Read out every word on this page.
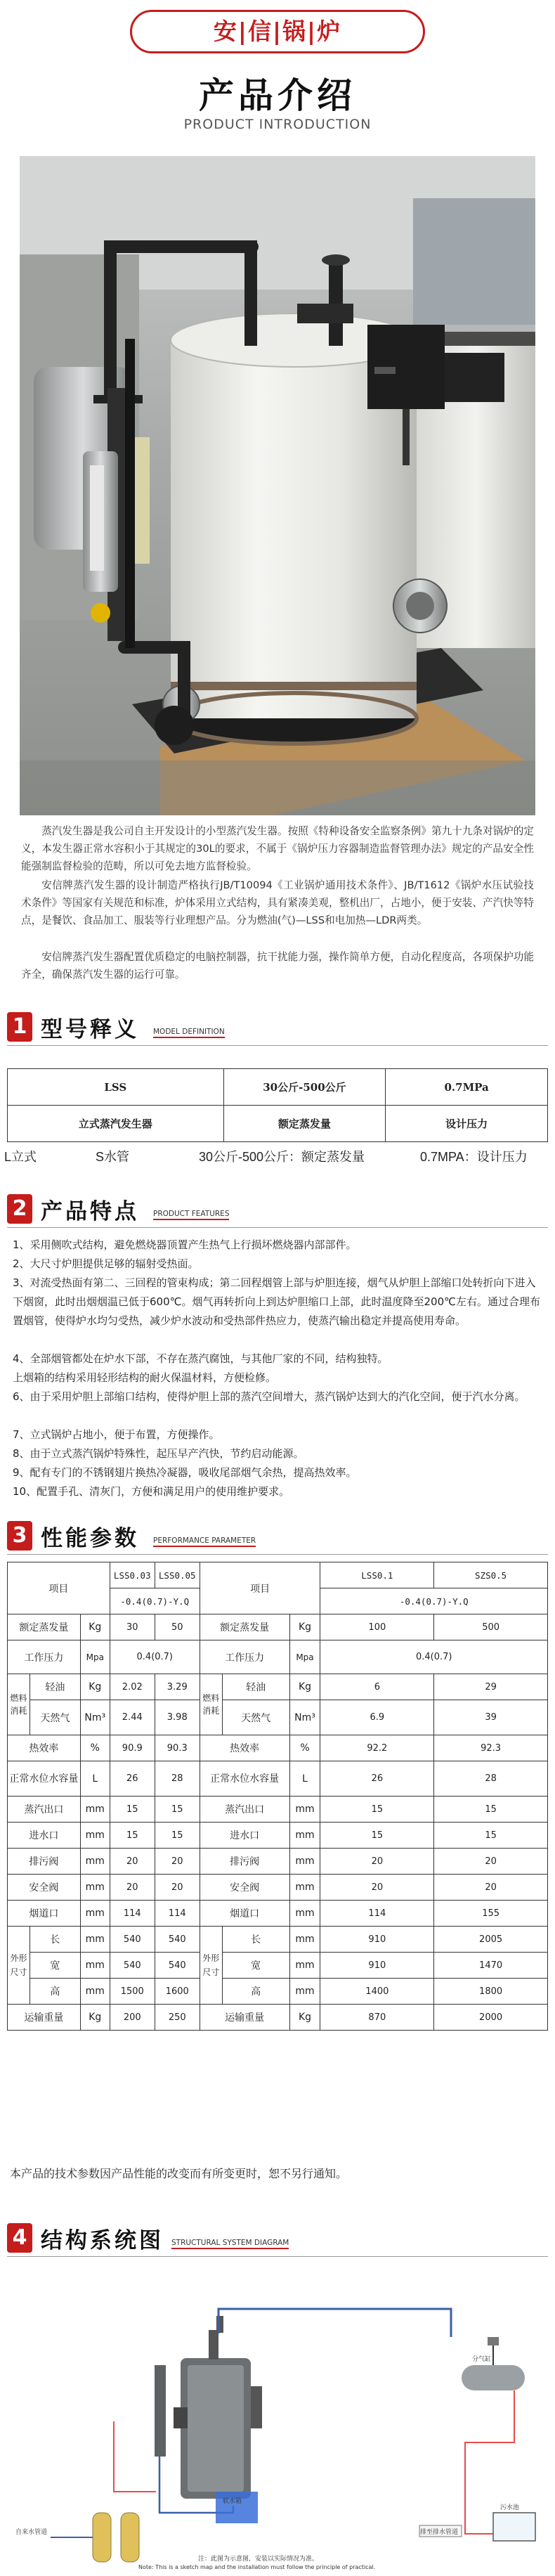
安|信|锅|炉
产品介绍
PRODUCT INTRODUCTION

蒸汽发生器是我公司自主开发设计的小型蒸汽发生器。按照《特种设备安全监察条例》第九十九条对锅炉的定义，本发生器正常水容积小于其规定的30L的要求，不属于《锅炉压力容器制造监督管理办法》规定的产品安全性能强制监督检验的范畴，所以可免去地方监督检验。

安信牌蒸汽发生器的设计制造严格执行JB/T10094《工业锅炉通用技术条件》、JB/T1612《锅炉水压试验技术条件》等国家有关规范和标准，炉体采用立式结构，具有紧凑美观，整机出厂，占地小，便于安装、产汽快等特点，是餐饮、食品加工、服装等行业理想产品。分为燃油(气)—LSS和电加热—LDR两类。

安信牌蒸汽发生器配置优质稳定的电脑控制器，抗干扰能力强，操作简单方便，自动化程度高，各项保护功能齐全，确保蒸汽发生器的运行可靠。

1 型号释义 MODEL DEFINITION
LSS	30公斤-500公斤	0.7MPa
立式蒸汽发生器	额定蒸发量	设计压力
L立式	S水管	30公斤-500公斤：额定蒸发量	0.7MPA：设计压力
2 产品特点 PRODUCT FEATURES

1、采用侧吹式结构，避免燃烧器顶置产生热气上行损坏燃烧器内部部件。

2、大尺寸炉胆提供足够的辐射受热面。

3、对流受热面有第二、三回程的管束构成；第二回程烟管上部与炉胆连接，烟气从炉胆上部缩口处转折向下进入下烟窗，此时出烟烟温已低于600℃。烟气再转折向上到达炉胆缩口上部，此时温度降至200℃左右。通过合理布置烟管，使得炉水均匀受热，减少炉水波动和受热部件热应力，使蒸汽输出稳定并提高使用寿命。

4、全部烟管都处在炉水下部，不存在蒸汽腐蚀，与其他厂家的不同，结构独特。

上烟箱的结构采用轻形结构的耐火保温材料，方便检修。

6、由于采用炉胆上部缩口结构，使得炉胆上部的蒸汽空间增大，蒸汽锅炉达到大的汽化空间，便于汽水分离。

7、立式锅炉占地小，便于布置，方便操作。

8、由于立式蒸汽锅炉特殊性，起压早产汽快，节约启动能源。

9、配有专门的不锈钢翅片换热冷凝器，吸收尾部烟气余热，提高热效率。

10、配置手孔、清灰门，方便和满足用户的使用维护要求。

3 性能参数 PERFORMANCE PARAMETER
项目			LSS0.03	LSS0.05	项目			LSS0.1	SZS0.5
			-0.4(0.7)-Y.Q					-0.4(0.7)-Y.Q	
额定蒸发量		Kg	30	50	额定蒸发量		Kg	100	500
工作压力		Mpa	0.4(0.7)		工作压力		Mpa	0.4(0.7)	
燃料消耗	轻油	Kg	2.02	3.29	燃料消耗	轻油	Kg	6	29
	天然气	Nm³	2.44	3.98		天然气	Nm³	6.9	39
热效率		%	90.9	90.3	热效率		%	92.2	92.3
正常水位水容量		L	26	28	正常水位水容量		L	26	28
蒸汽出口		mm	15	15	蒸汽出口		mm	15	15
进水口		mm	15	15	进水口		mm	15	15
排污阀		mm	20	20	排污阀		mm	20	20
安全阀		mm	20	20	安全阀		mm	20	20
烟道口		mm	114	114	烟道口		mm	114	155
外形尺寸	长	mm	540	540	外形尺寸	长	mm	910	2005
	宽	mm	540	540		宽	mm	910	1470
	高	mm	1500	1600		高	mm	1400	1800
运输重量		Kg	200	250	运输重量		Kg	870	2000
本产品的技术参数因产品性能的改变而有所变更时，恕不另行通知。
4 结构系统图 STRUCTURAL SYSTEM DIAGRAM
分气缸
污水池
排至排水管道
软水箱
自来水管道
注：此图为示意图，安装以实际情况为准。
Note: This is a sketch map and the installation must follow the principle of practical.
